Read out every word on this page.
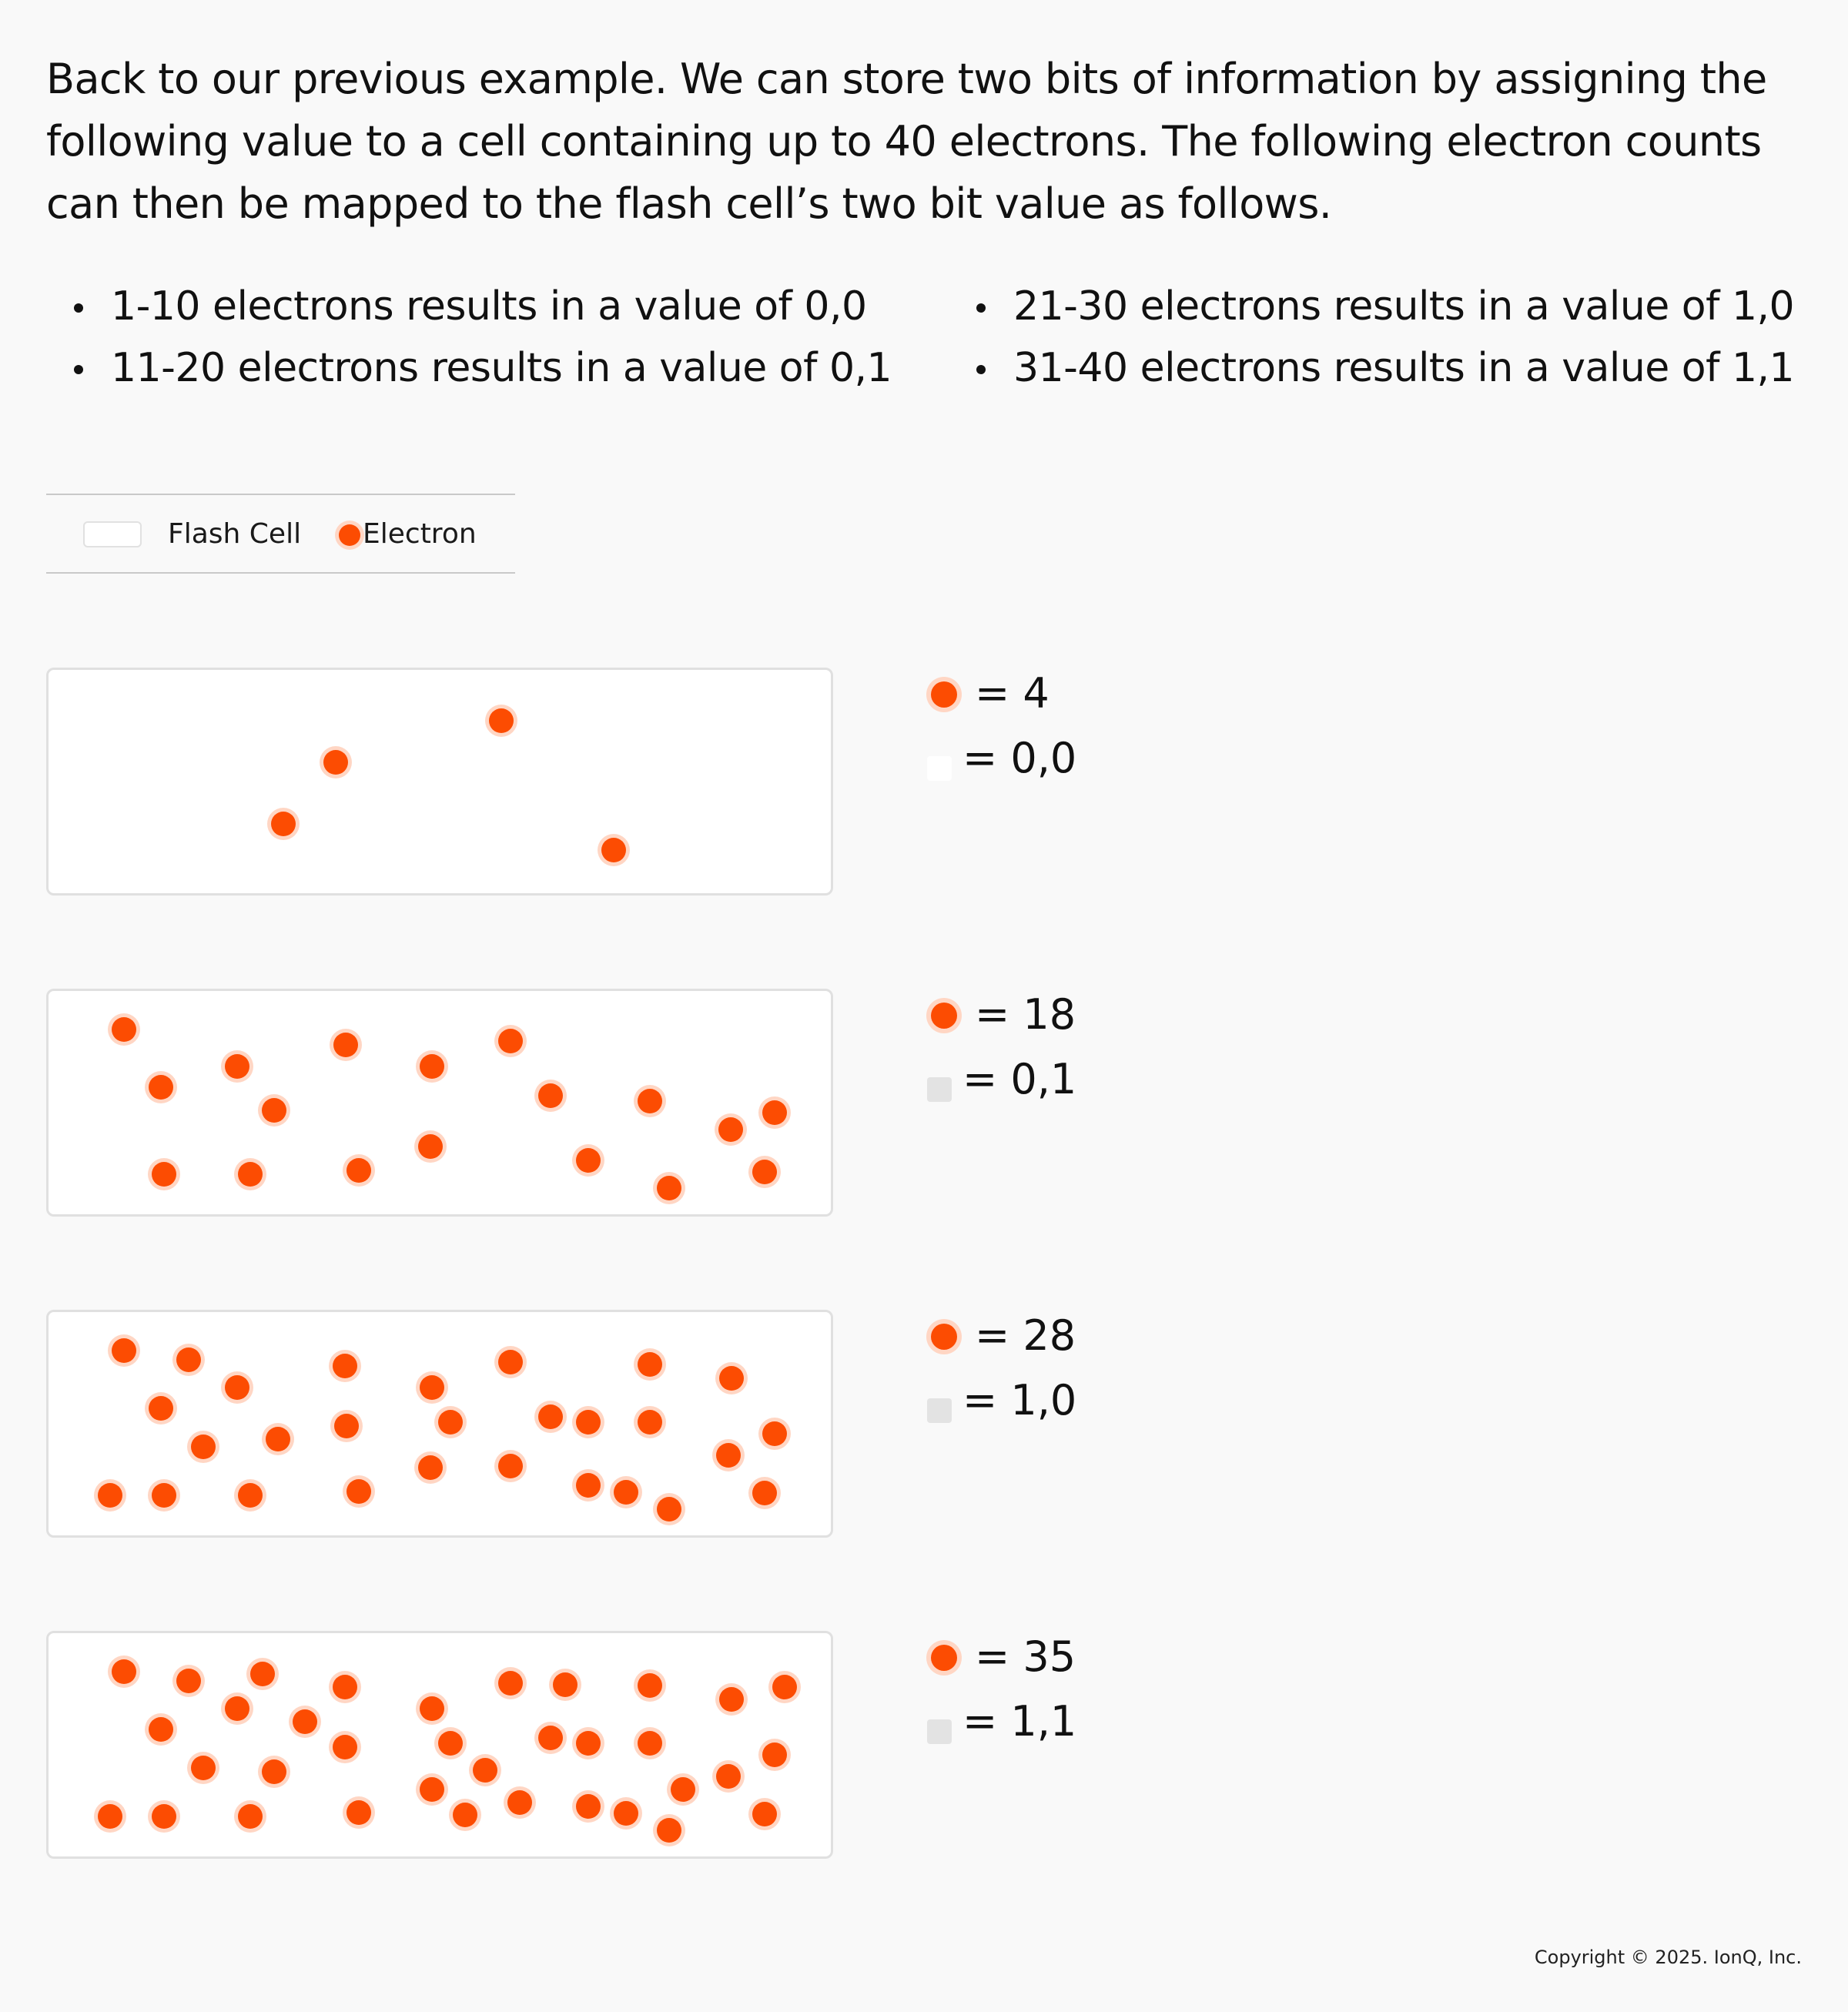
Back to our previous example. We can store two bits of information by assigning the following value to a cell containing up to 40 electrons. The following electron counts can then be mapped to the flash cell’s two bit value as follows.

1-10 electrons results in a value of 0,0
11-20 electrons results in a value of 0,1
21-30 electrons results in a value of 1,0
31-40 electrons results in a value of 1,1
Flash Cell Electron
= 4
= 0,0
= 18
= 0,1
= 28
= 1,0
= 35
= 1,1
Copyright © 2025. IonQ, Inc.
